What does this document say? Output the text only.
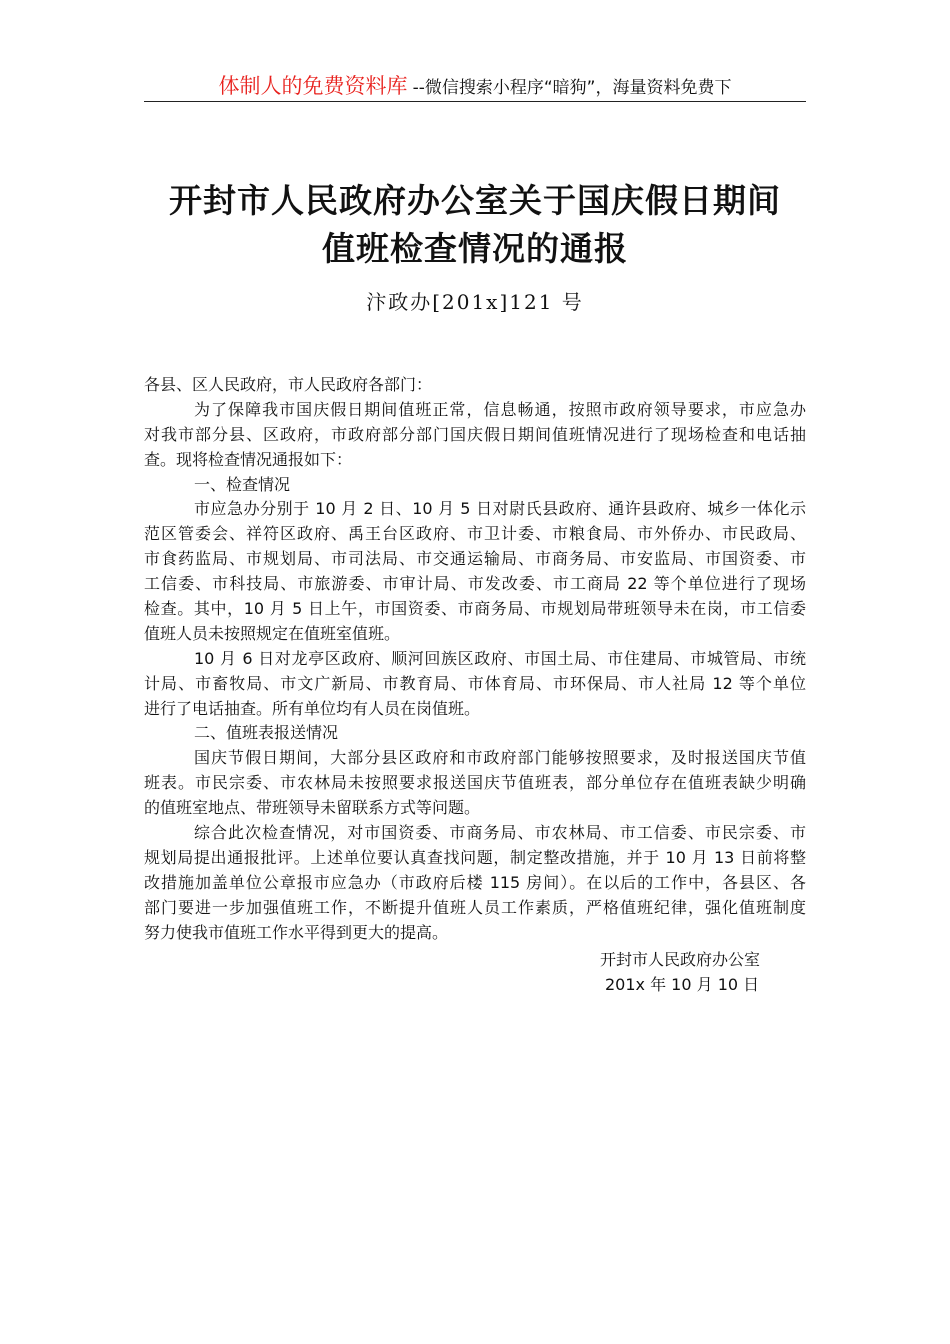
体制人的免费资料库 --微信搜索小程序“暗狗”，海量资料免费下
开封市人民政府办公室关于国庆假日期间
值班检查情况的通报
汴政办[201x]121 号
各县、区人民政府，市人民政府各部门：
为了保障我市国庆假日期间值班正常，信息畅通，按照市政府领导要求，市应急办
对我市部分县、区政府，市政府部分部门国庆假日期间值班情况进行了现场检查和电话抽
查。现将检查情况通报如下：
一、检查情况
市应急办分别于 10 月 2 日、10 月 5 日对尉氏县政府、通许县政府、城乡一体化示
范区管委会、祥符区政府、禹王台区政府、市卫计委、市粮食局、市外侨办、市民政局、
市食药监局、市规划局、市司法局、市交通运输局、市商务局、市安监局、市国资委、市
工信委、市科技局、市旅游委、市审计局、市发改委、市工商局 22 等个单位进行了现场
检查。其中，10 月 5 日上午，市国资委、市商务局、市规划局带班领导未在岗，市工信委
值班人员未按照规定在值班室值班。
10 月 6 日对龙亭区政府、顺河回族区政府、市国土局、市住建局、市城管局、市统
计局、市畜牧局、市文广新局、市教育局、市体育局、市环保局、市人社局 12 等个单位
进行了电话抽查。所有单位均有人员在岗值班。
二、值班表报送情况
国庆节假日期间，大部分县区政府和市政府部门能够按照要求，及时报送国庆节值
班表。市民宗委、市农林局未按照要求报送国庆节值班表，部分单位存在值班表缺少明确
的值班室地点、带班领导未留联系方式等问题。
综合此次检查情况，对市国资委、市商务局、市农林局、市工信委、市民宗委、市
规划局提出通报批评。上述单位要认真查找问题，制定整改措施，并于 10 月 13 日前将整
改措施加盖单位公章报市应急办（市政府后楼 115 房间）。在以后的工作中，各县区、各
部门要进一步加强值班工作，不断提升值班人员工作素质，严格值班纪律，强化值班制度
努力使我市值班工作水平得到更大的提高。
开封市人民政府办公室
201x 年 10 月 10 日
